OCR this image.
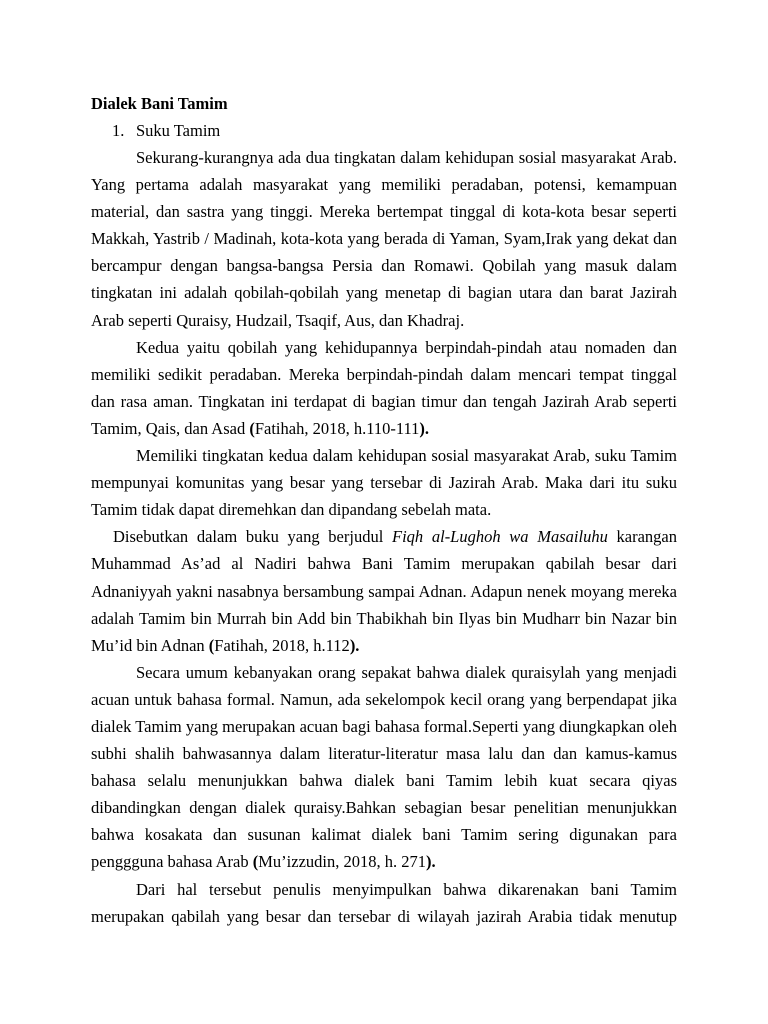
Dialek Bani Tamim

1. Suku Tamim

Sekurang-kurangnya ada dua tingkatan dalam kehidupan sosial masyarakat Arab. Yang pertama adalah masyarakat yang memiliki peradaban, potensi, kemampuan material, dan sastra yang tinggi. Mereka bertempat tinggal di kota-kota besar seperti Makkah, Yastrib / Madinah, kota-kota yang berada di Yaman, Syam,Irak yang dekat dan bercampur dengan bangsa-bangsa Persia dan Romawi. Qobilah yang masuk dalam tingkatan ini adalah qobilah-qobilah yang menetap di bagian utara dan barat Jazirah Arab seperti Quraisy, Hudzail, Tsaqif, Aus, dan Khadraj.

Kedua yaitu qobilah yang kehidupannya berpindah-pindah atau nomaden dan memiliki sedikit peradaban. Mereka berpindah-pindah dalam mencari tempat tinggal dan rasa aman. Tingkatan ini terdapat di bagian timur dan tengah Jazirah Arab seperti Tamim, Qais, dan Asad (Fatihah, 2018, h.110-111).

Memiliki tingkatan kedua dalam kehidupan sosial masyarakat Arab, suku Tamim mempunyai komunitas yang besar yang tersebar di Jazirah Arab. Maka dari itu suku Tamim tidak dapat diremehkan dan dipandang sebelah mata.

Disebutkan dalam buku yang berjudul Fiqh al-Lughoh wa Masailuhu karangan Muhammad As’ad al Nadiri bahwa Bani Tamim merupakan qabilah besar dari Adnaniyyah yakni nasabnya bersambung sampai Adnan. Adapun nenek moyang mereka adalah Tamim bin Murrah bin Add bin Thabikhah bin Ilyas bin Mudharr bin Nazar bin Mu’id bin Adnan (Fatihah, 2018, h.112).

Secara umum kebanyakan orang sepakat bahwa dialek quraisylah yang menjadi acuan untuk bahasa formal. Namun, ada sekelompok kecil orang yang berpendapat jika dialek Tamim yang merupakan acuan bagi bahasa formal.Seperti yang diungkapkan oleh subhi shalih bahwasannya dalam literatur-literatur masa lalu dan dan kamus-kamus bahasa selalu menunjukkan bahwa dialek bani Tamim lebih kuat secara qiyas dibandingkan dengan dialek quraisy.Bahkan sebagian besar penelitian menunjukkan bahwa kosakata dan susunan kalimat dialek bani Tamim sering digunakan para penggguna bahasa Arab (Mu’izzudin, 2018, h. 271).

Dari hal tersebut penulis menyimpulkan bahwa dikarenakan bani Tamim merupakan qabilah yang besar dan tersebar di wilayah jazirah Arabia tidak menutup
